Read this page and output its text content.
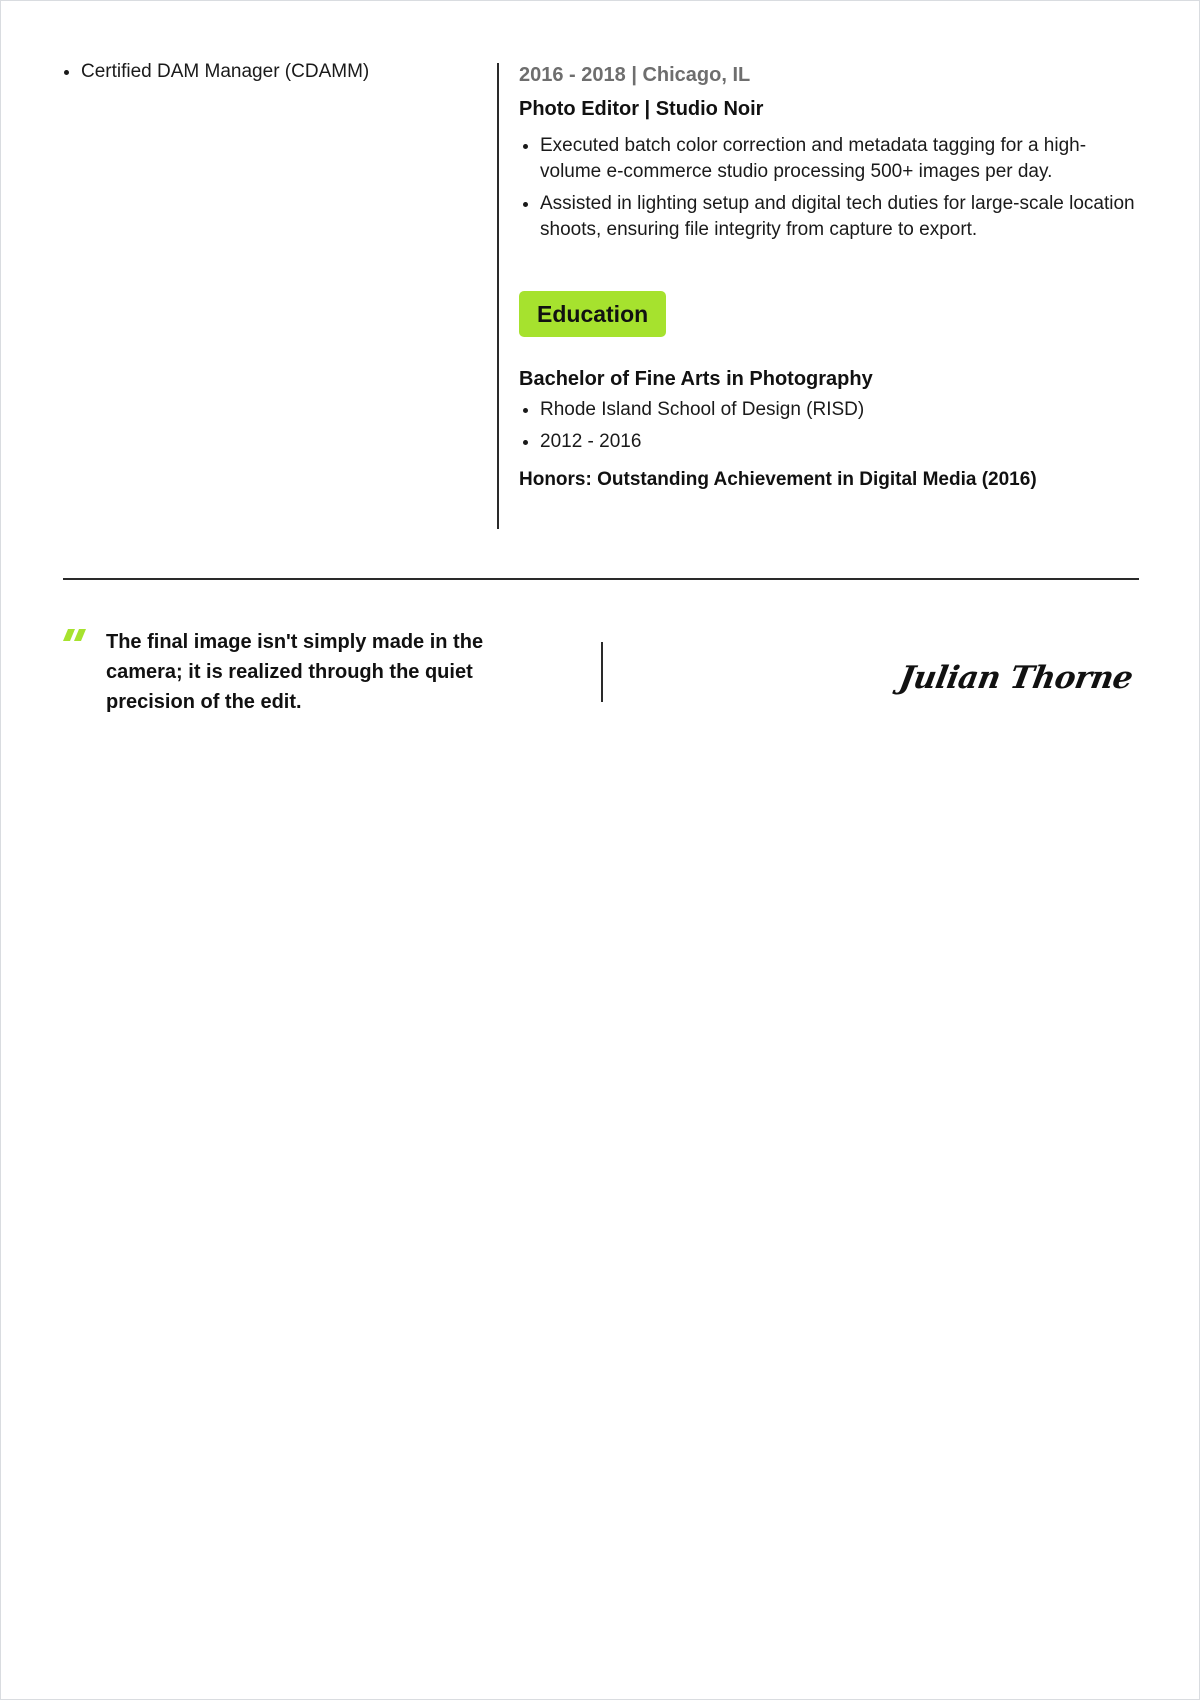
• Certified DAM Manager (CDAMM)	2016 - 2018 | Chicago, IL

Photo Editor | Studio Noir

• Executed batch color correction and metadata tagging for a high-volume e-commerce studio processing 500+ images per day.
• Assisted in lighting setup and digital tech duties for large-scale location shoots, ensuring file integrity from capture to export.
Education

Bachelor of Fine Arts in Photography

• Rhode Island School of Design (RISD)
• 2012 - 2016
Honors: Outstanding Achievement in Digital Media (2016)

The final image isn't simply made in the camera; it is realized through the quiet precision of the edit.

Julian Thorne
